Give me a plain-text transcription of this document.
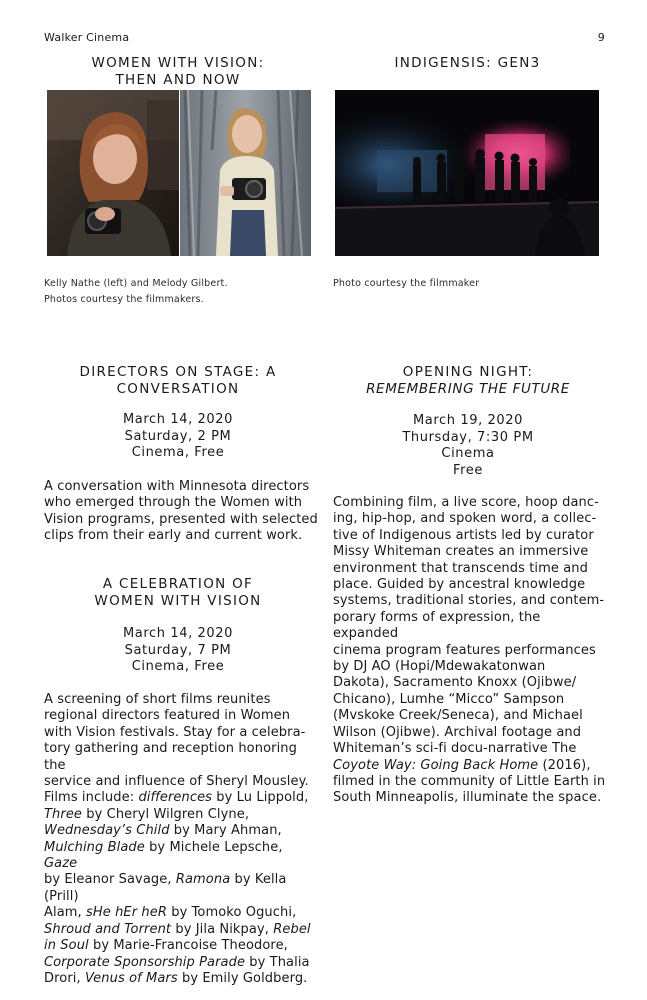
Walker Cinema	9
WOMEN WITH VISION:
THEN AND NOW
INDIGENSIS: GEN3
Kelly Nathe (left) and Melody Gilbert.
Photos courtesy the filmmakers.
Photo courtesy the filmmaker
DIRECTORS ON STAGE: A
CONVERSATION
March 14, 2020
Saturday, 2 PM
Cinema, Free
A conversation with Minnesota directors
who emerged through the Women with
Vision programs, presented with selected
clips from their early and current work.
A CELEBRATION OF
WOMEN WITH VISION
March 14, 2020
Saturday, 7 PM
Cinema, Free
A screening of short films reunites
regional directors featured in Women
with Vision festivals. Stay for a celebra-
tory gathering and reception honoring the
service and influence of Sheryl Mousley.
Films include: differences by Lu Lippold,
Three by Cheryl Wilgren Clyne,
Wednesday’s Child by Mary Ahman,
Mulching Blade by Michele Lepsche, Gaze
by Eleanor Savage, Ramona by Kella (Prill)
Alam, sHe hEr heR by Tomoko Oguchi,
Shroud and Torrent by Jila Nikpay, Rebel
in Soul by Marie-Francoise Theodore,
Corporate Sponsorship Parade by Thalia
Drori, Venus of Mars by Emily Goldberg.
OPENING NIGHT:
REMEMBERING THE FUTURE
March 19, 2020
Thursday, 7:30 PM
Cinema
Free
Combining film, a live score, hoop danc-
ing, hip-hop, and spoken word, a collec-
tive of Indigenous artists led by curator
Missy Whiteman creates an immersive
environment that transcends time and
place. Guided by ancestral knowledge
systems, traditional stories, and contem-
porary forms of expression, the expanded
cinema program features performances
by DJ AO (Hopi/Mdewakatonwan
Dakota), Sacramento Knoxx (Ojibwe/
Chicano), Lumhe “Micco” Sampson
(Mvskoke Creek/Seneca), and Michael
Wilson (Ojibwe). Archival footage and
Whiteman’s sci-fi docu-narrative The
Coyote Way: Going Back Home (2016),
filmed in the community of Little Earth in
South Minneapolis, illuminate the space.
